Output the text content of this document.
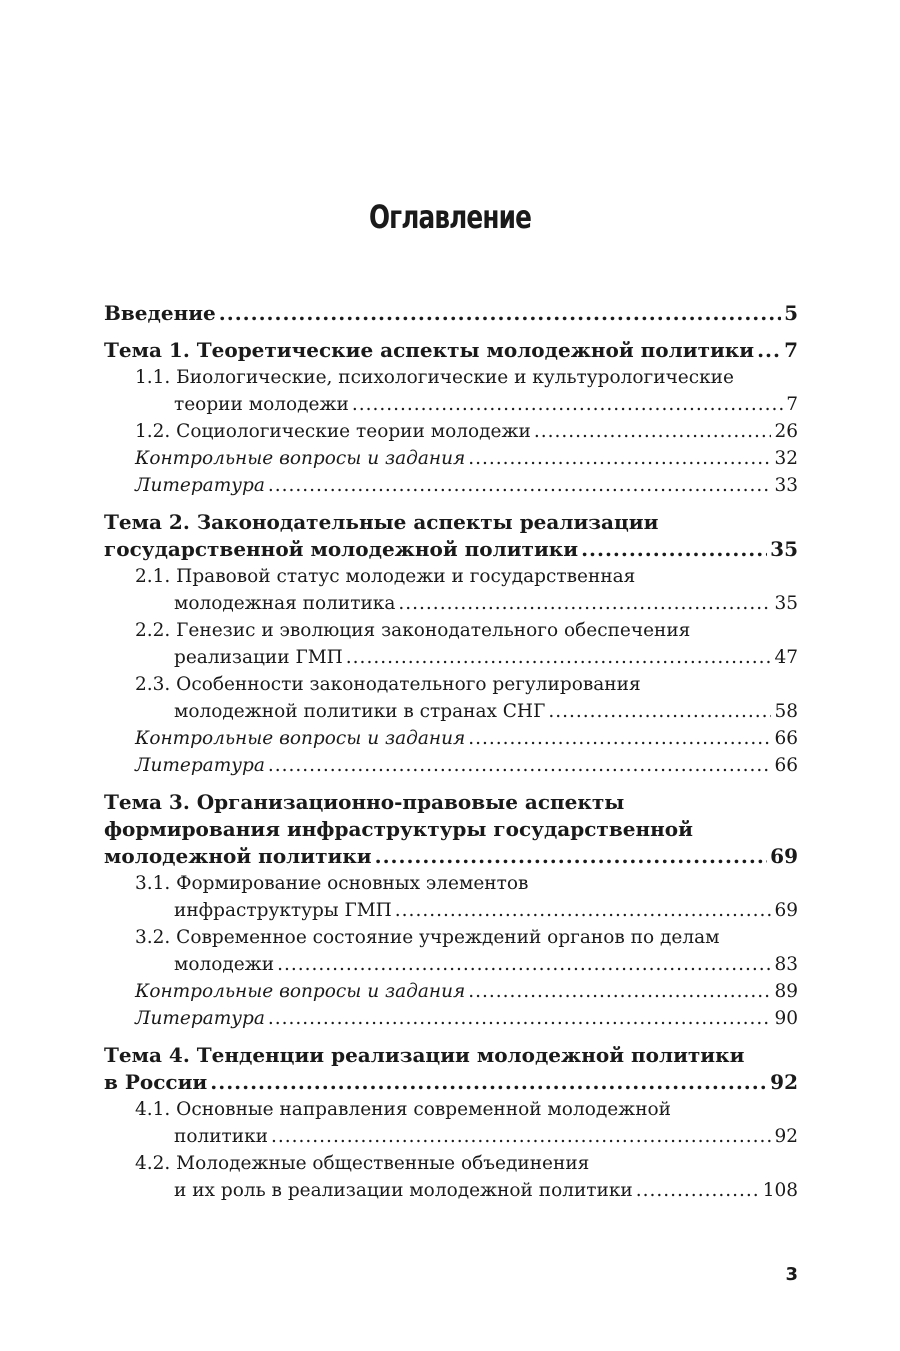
Оглавление
Введение .....	5
Тема 1. Теоретические аспекты молодежной политики ..... 7
1.1. Биологические, психологические и культурологические
теории молодежи .....	7
1.2. Социологические теории молодежи .....	26
Контрольные вопросы и задания .....	32
Литература .....	33
Тема 2. Законодательные аспекты реализации
государственной молодежной политики .....	35
2.1. Правовой статус молодежи и государственная
молодежная политика .....	35
2.2. Генезис и эволюция законодательного обеспечения
реализации ГМП .....	47
2.3. Особенности законодательного регулирования
молодежной политики в странах СНГ .....	58
Контрольные вопросы и задания .....	66
Литература .....	66
Тема 3. Организационно-правовые аспекты
формирования инфраструктуры государственной
молодежной политики .....	69
3.1. Формирование основных элементов
инфраструктуры ГМП .....	69
3.2. Современное состояние учреждений органов по делам
молодежи .....	83
Контрольные вопросы и задания .....	89
Литература .....	90
Тема 4. Тенденции реализации молодежной политики
в России .....	92
4.1. Основные направления современной молодежной
политики .....	92
4.2. Молодежные общественные объединения
и их роль в реализации молодежной политики .....	108
3
